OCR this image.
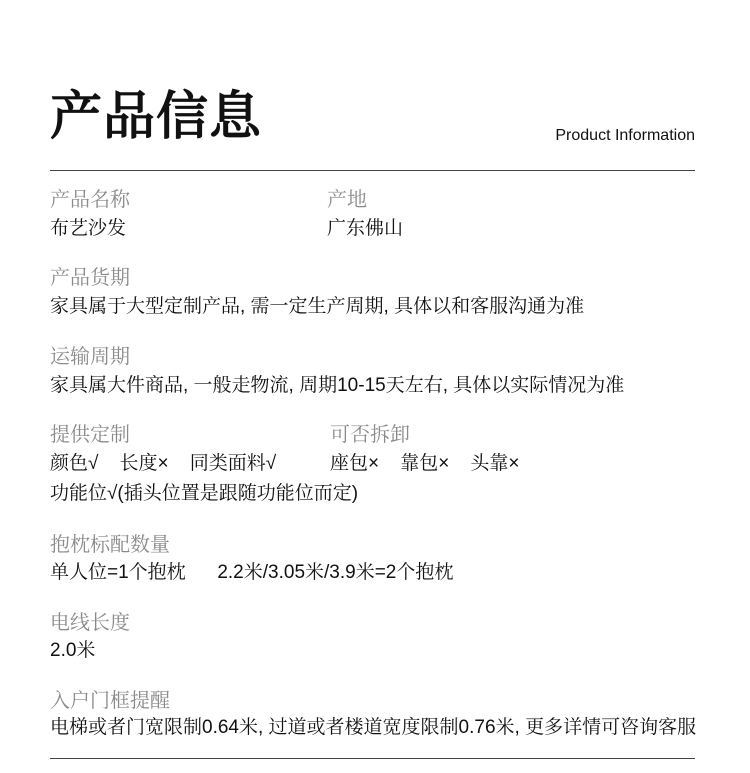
产品信息	Product Information
产品名称
布艺沙发
产地
广东佛山
产品货期
家具属于大型定制产品, 需一定生产周期, 具体以和客服沟通为准
运输周期
家具属大件商品, 一般走物流, 周期10-15天左右, 具体以实际情况为准
提供定制
颜色√    长度×    同类面料√
功能位√(插头位置是跟随功能位而定)
可否拆卸
座包×    靠包×    头靠×
抱枕标配数量
单人位=1个抱枕      2.2米/3.05米/3.9米=2个抱枕
电线长度
2.0米
入户门框提醒
电梯或者门宽限制0.64米, 过道或者楼道宽度限制0.76米, 更多详情可咨询客服
